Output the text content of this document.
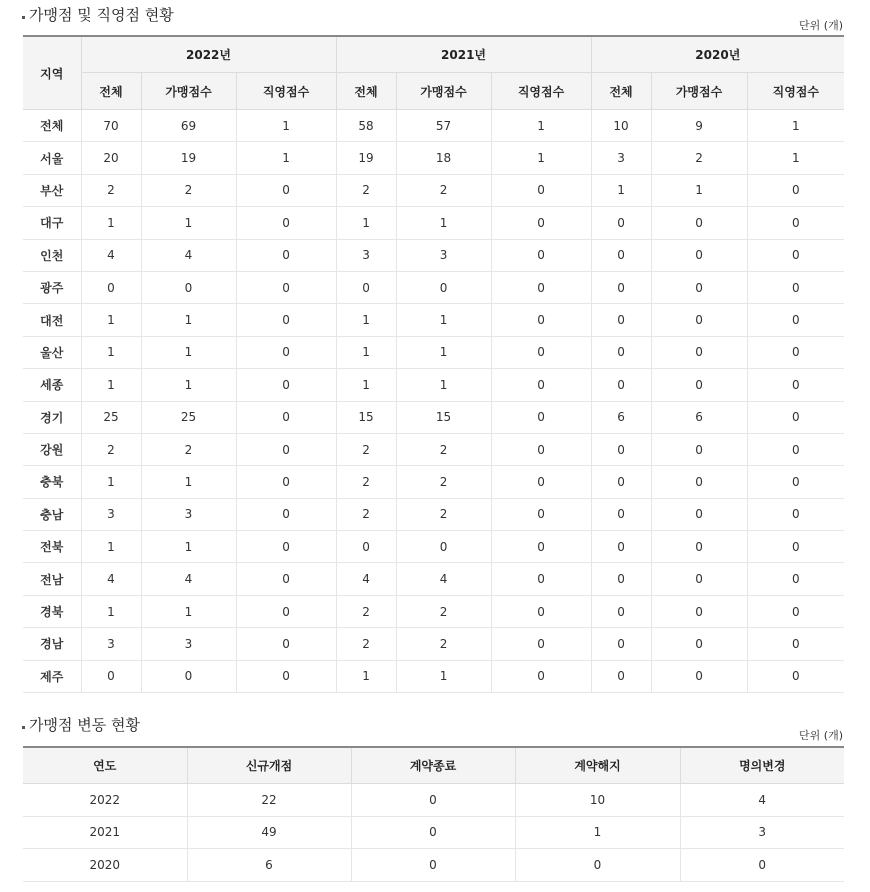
가맹점 및 직영점 현황
단위 (개)
지역	2022년			2021년			2020년		
	전체	가맹점수	직영점수	전체	가맹점수	직영점수	전체	가맹점수	직영점수
전체	70	69	1	58	57	1	10	9	1
서울	20	19	1	19	18	1	3	2	1
부산	2	2	0	2	2	0	1	1	0
대구	1	1	0	1	1	0	0	0	0
인천	4	4	0	3	3	0	0	0	0
광주	0	0	0	0	0	0	0	0	0
대전	1	1	0	1	1	0	0	0	0
울산	1	1	0	1	1	0	0	0	0
세종	1	1	0	1	1	0	0	0	0
경기	25	25	0	15	15	0	6	6	0
강원	2	2	0	2	2	0	0	0	0
충북	1	1	0	2	2	0	0	0	0
충남	3	3	0	2	2	0	0	0	0
전북	1	1	0	0	0	0	0	0	0
전남	4	4	0	4	4	0	0	0	0
경북	1	1	0	2	2	0	0	0	0
경남	3	3	0	2	2	0	0	0	0
제주	0	0	0	1	1	0	0	0	0
가맹점 변동 현황
단위 (개)
연도	신규개점	계약종료	계약해지	명의변경
2022	22	0	10	4
2021	49	0	1	3
2020	6	0	0	0
